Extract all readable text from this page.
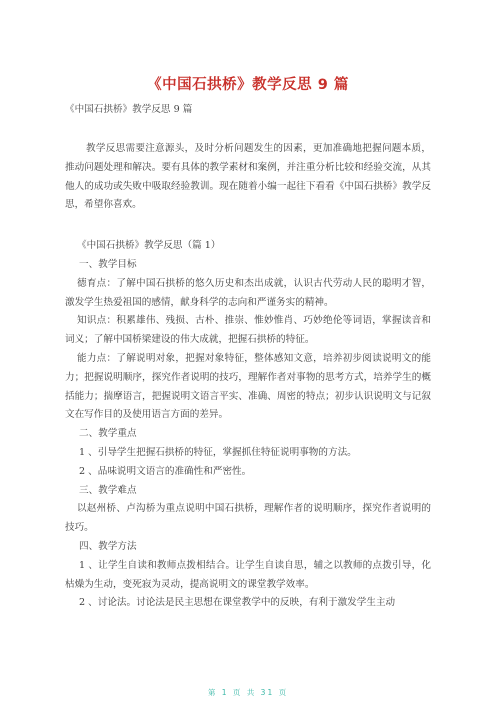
《中国石拱桥》教学反思 9 篇
《中国石拱桥》教学反思 9 篇

教学反思需要注意源头，及时分析问题发生的因素，更加准确地把握问题本质，推动问题处理和解决。要有具体的教学素材和案例，并注重分析比较和经验交流，从其他人的成功或失败中吸取经验教训。现在随着小编一起往下看看《中国石拱桥》教学反思，希望你喜欢。

《中国石拱桥》教学反思（篇 1）

一、教学目标

德育点：了解中国石拱桥的悠久历史和杰出成就，认识古代劳动人民的聪明才智，激发学生热爱祖国的感情，献身科学的志向和严谨务实的精神。

知识点：积累雄伟、残损、古朴、推崇、惟妙惟肖、巧妙绝伦等词语，掌握读音和词义；了解中国桥梁建设的伟大成就，把握石拱桥的特征。

能力点：了解说明对象，把握对象特征，整体感知文意，培养初步阅读说明文的能力；把握说明顺序，探究作者说明的技巧，理解作者对事物的思考方式，培养学生的概括能力；揣摩语言，把握说明文语言平实、准确、周密的特点；初步认识说明文与记叙文在写作目的及使用语言方面的差异。

二、教学重点

1 、引导学生把握石拱桥的特征，掌握抓住特征说明事物的方法。

2 、品味说明文语言的准确性和严密性。

三、教学难点

以赵州桥、卢沟桥为重点说明中国石拱桥，理解作者的说明顺序，探究作者说明的技巧。

四、教学方法

1 、让学生自读和教师点拨相结合。让学生自读自思，辅之以教师的点拨引导，化枯燥为生动，变死寂为灵动，提高说明文的课堂教学效率。

2 、讨论法。讨论法是民主思想在课堂教学中的反映，有利于激发学生主动

第 1 页 共 31 页
